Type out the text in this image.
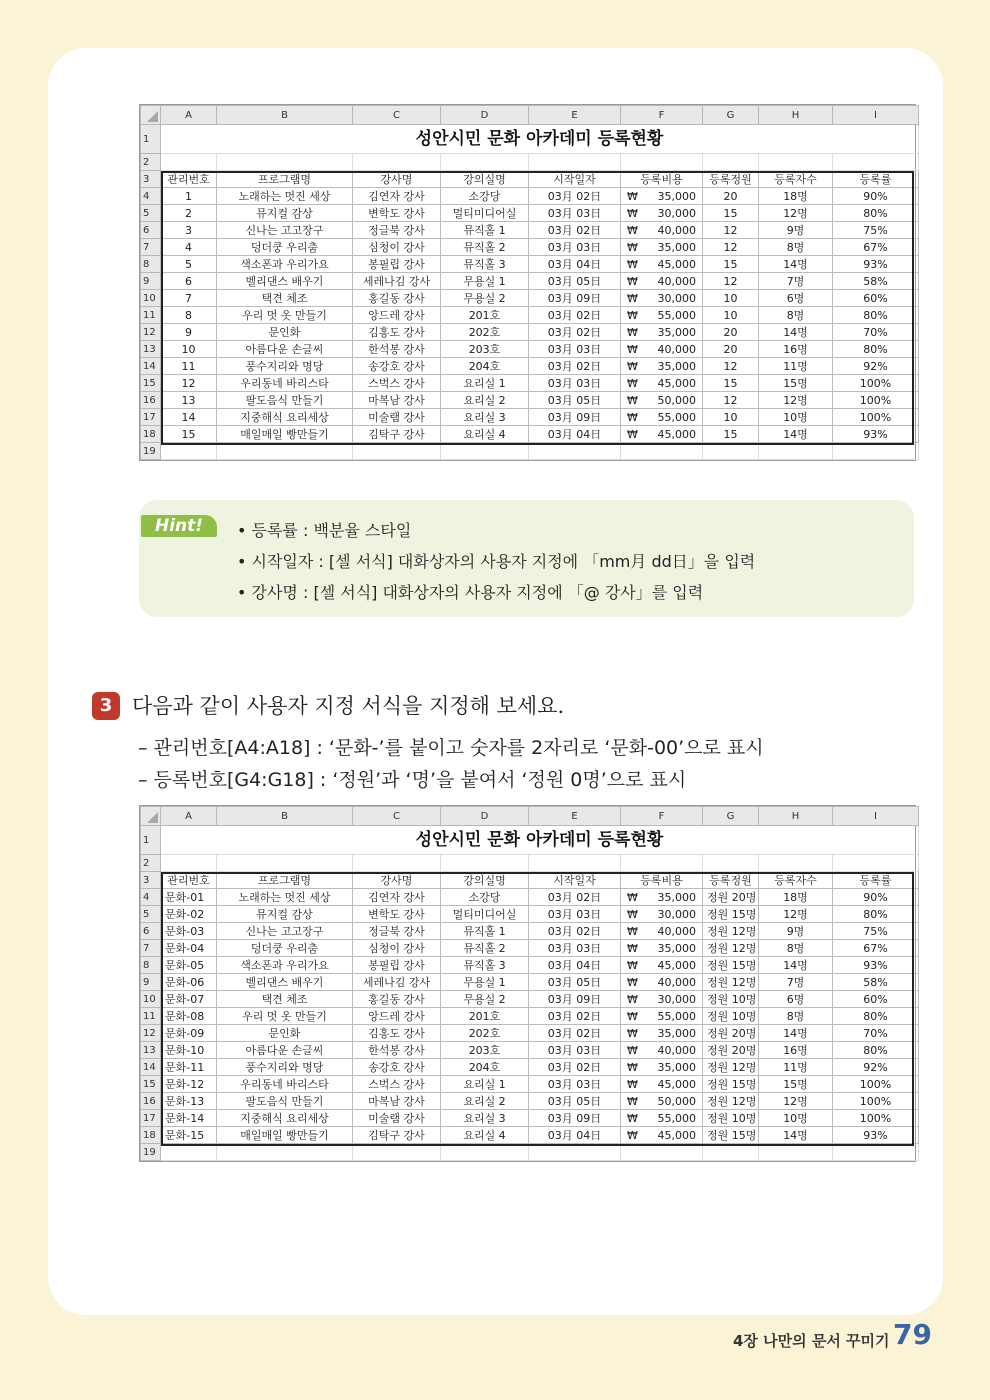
	A	B	C	D	E	F	G	H	I
1	성안시민 문화 아카데미 등록현황								
2									
3	관리번호	프로그램명	강사명	강의실명	시작일자	등록비용	등록정원	등록자수	등록률
4	1	노래하는 멋진 세상	김연자 강사	소강당	03月 02日	₩ 35,000	20	18명	90%
5	2	뮤지컬 감상	변학도 강사	멀티미디어실	03月 03日	₩ 30,000	15	12명	80%
6	3	신나는 고고장구	정글북 강사	뮤직홀 1	03月 02日	₩ 40,000	12	9명	75%
7	4	덩더쿵 우리춤	심청이 강사	뮤직홀 2	03月 03日	₩ 35,000	12	8명	67%
8	5	색소폰과 우리가요	봉필립 강사	뮤직홀 3	03月 04日	₩ 45,000	15	14명	93%
9	6	벨리댄스 배우기	세레나김 강사	무용실 1	03月 05日	₩ 40,000	12	7명	58%
10	7	택견 체조	홍길동 강사	무용실 2	03月 09日	₩ 30,000	10	6명	60%
11	8	우리 멋 옷 만들기	앙드레 강사	201호	03月 02日	₩ 55,000	10	8명	80%
12	9	문인화	김홍도 강사	202호	03月 02日	₩ 35,000	20	14명	70%
13	10	아름다운 손글씨	한석봉 강사	203호	03月 03日	₩ 40,000	20	16명	80%
14	11	풍수지리와 명당	송강호 강사	204호	03月 02日	₩ 35,000	12	11명	92%
15	12	우리동네 바리스타	스벅스 강사	요리실 1	03月 03日	₩ 45,000	15	15명	100%
16	13	팔도음식 만들기	마복남 강사	요리실 2	03月 05日	₩ 50,000	12	12명	100%
17	14	지중해식 요리세상	미술램 강사	요리실 3	03月 09日	₩ 55,000	10	10명	100%
18	15	매일매일 빵만들기	김탁구 강사	요리실 4	03月 04日	₩ 45,000	15	14명	93%
19									
Hint!	• 등록률 : 백분율 스타일
• 시작일자 : [셀 서식] 대화상자의 사용자 지정에 「mm月 dd日」을 입력
• 강사명 : [셀 서식] 대화상자의 사용자 지정에 「@ 강사」를 입력
3 다음과 같이 사용자 지정 서식을 지정해 보세요.
– 관리번호[A4:A18] : ‘문화-’를 붙이고 숫자를 2자리로 ‘문화-00’으로 표시
– 등록번호[G4:G18] : ‘정원’과 ‘명’을 붙여서 ‘정원 0명’으로 표시
	A	B	C	D	E	F	G	H	I
1	성안시민 문화 아카데미 등록현황								
2									
3	관리번호	프로그램명	강사명	강의실명	시작일자	등록비용	등록정원	등록자수	등록률
4	문화-01	노래하는 멋진 세상	김연자 강사	소강당	03月 02日	₩ 35,000	정원 20명	18명	90%
5	문화-02	뮤지컬 감상	변학도 강사	멀티미디어실	03月 03日	₩ 30,000	정원 15명	12명	80%
6	문화-03	신나는 고고장구	정글북 강사	뮤직홀 1	03月 02日	₩ 40,000	정원 12명	9명	75%
7	문화-04	덩더쿵 우리춤	심청이 강사	뮤직홀 2	03月 03日	₩ 35,000	정원 12명	8명	67%
8	문화-05	색소폰과 우리가요	봉필립 강사	뮤직홀 3	03月 04日	₩ 45,000	정원 15명	14명	93%
9	문화-06	벨리댄스 배우기	세레나김 강사	무용실 1	03月 05日	₩ 40,000	정원 12명	7명	58%
10	문화-07	택견 체조	홍길동 강사	무용실 2	03月 09日	₩ 30,000	정원 10명	6명	60%
11	문화-08	우리 멋 옷 만들기	앙드레 강사	201호	03月 02日	₩ 55,000	정원 10명	8명	80%
12	문화-09	문인화	김홍도 강사	202호	03月 02日	₩ 35,000	정원 20명	14명	70%
13	문화-10	아름다운 손글씨	한석봉 강사	203호	03月 03日	₩ 40,000	정원 20명	16명	80%
14	문화-11	풍수지리와 명당	송강호 강사	204호	03月 02日	₩ 35,000	정원 12명	11명	92%
15	문화-12	우리동네 바리스타	스벅스 강사	요리실 1	03月 03日	₩ 45,000	정원 15명	15명	100%
16	문화-13	팔도음식 만들기	마복남 강사	요리실 2	03月 05日	₩ 50,000	정원 12명	12명	100%
17	문화-14	지중해식 요리세상	미술램 강사	요리실 3	03月 09日	₩ 55,000	정원 10명	10명	100%
18	문화-15	매일매일 빵만들기	김탁구 강사	요리실 4	03月 04日	₩ 45,000	정원 15명	14명	93%
19									
4장 나만의 문서 꾸미기 79
